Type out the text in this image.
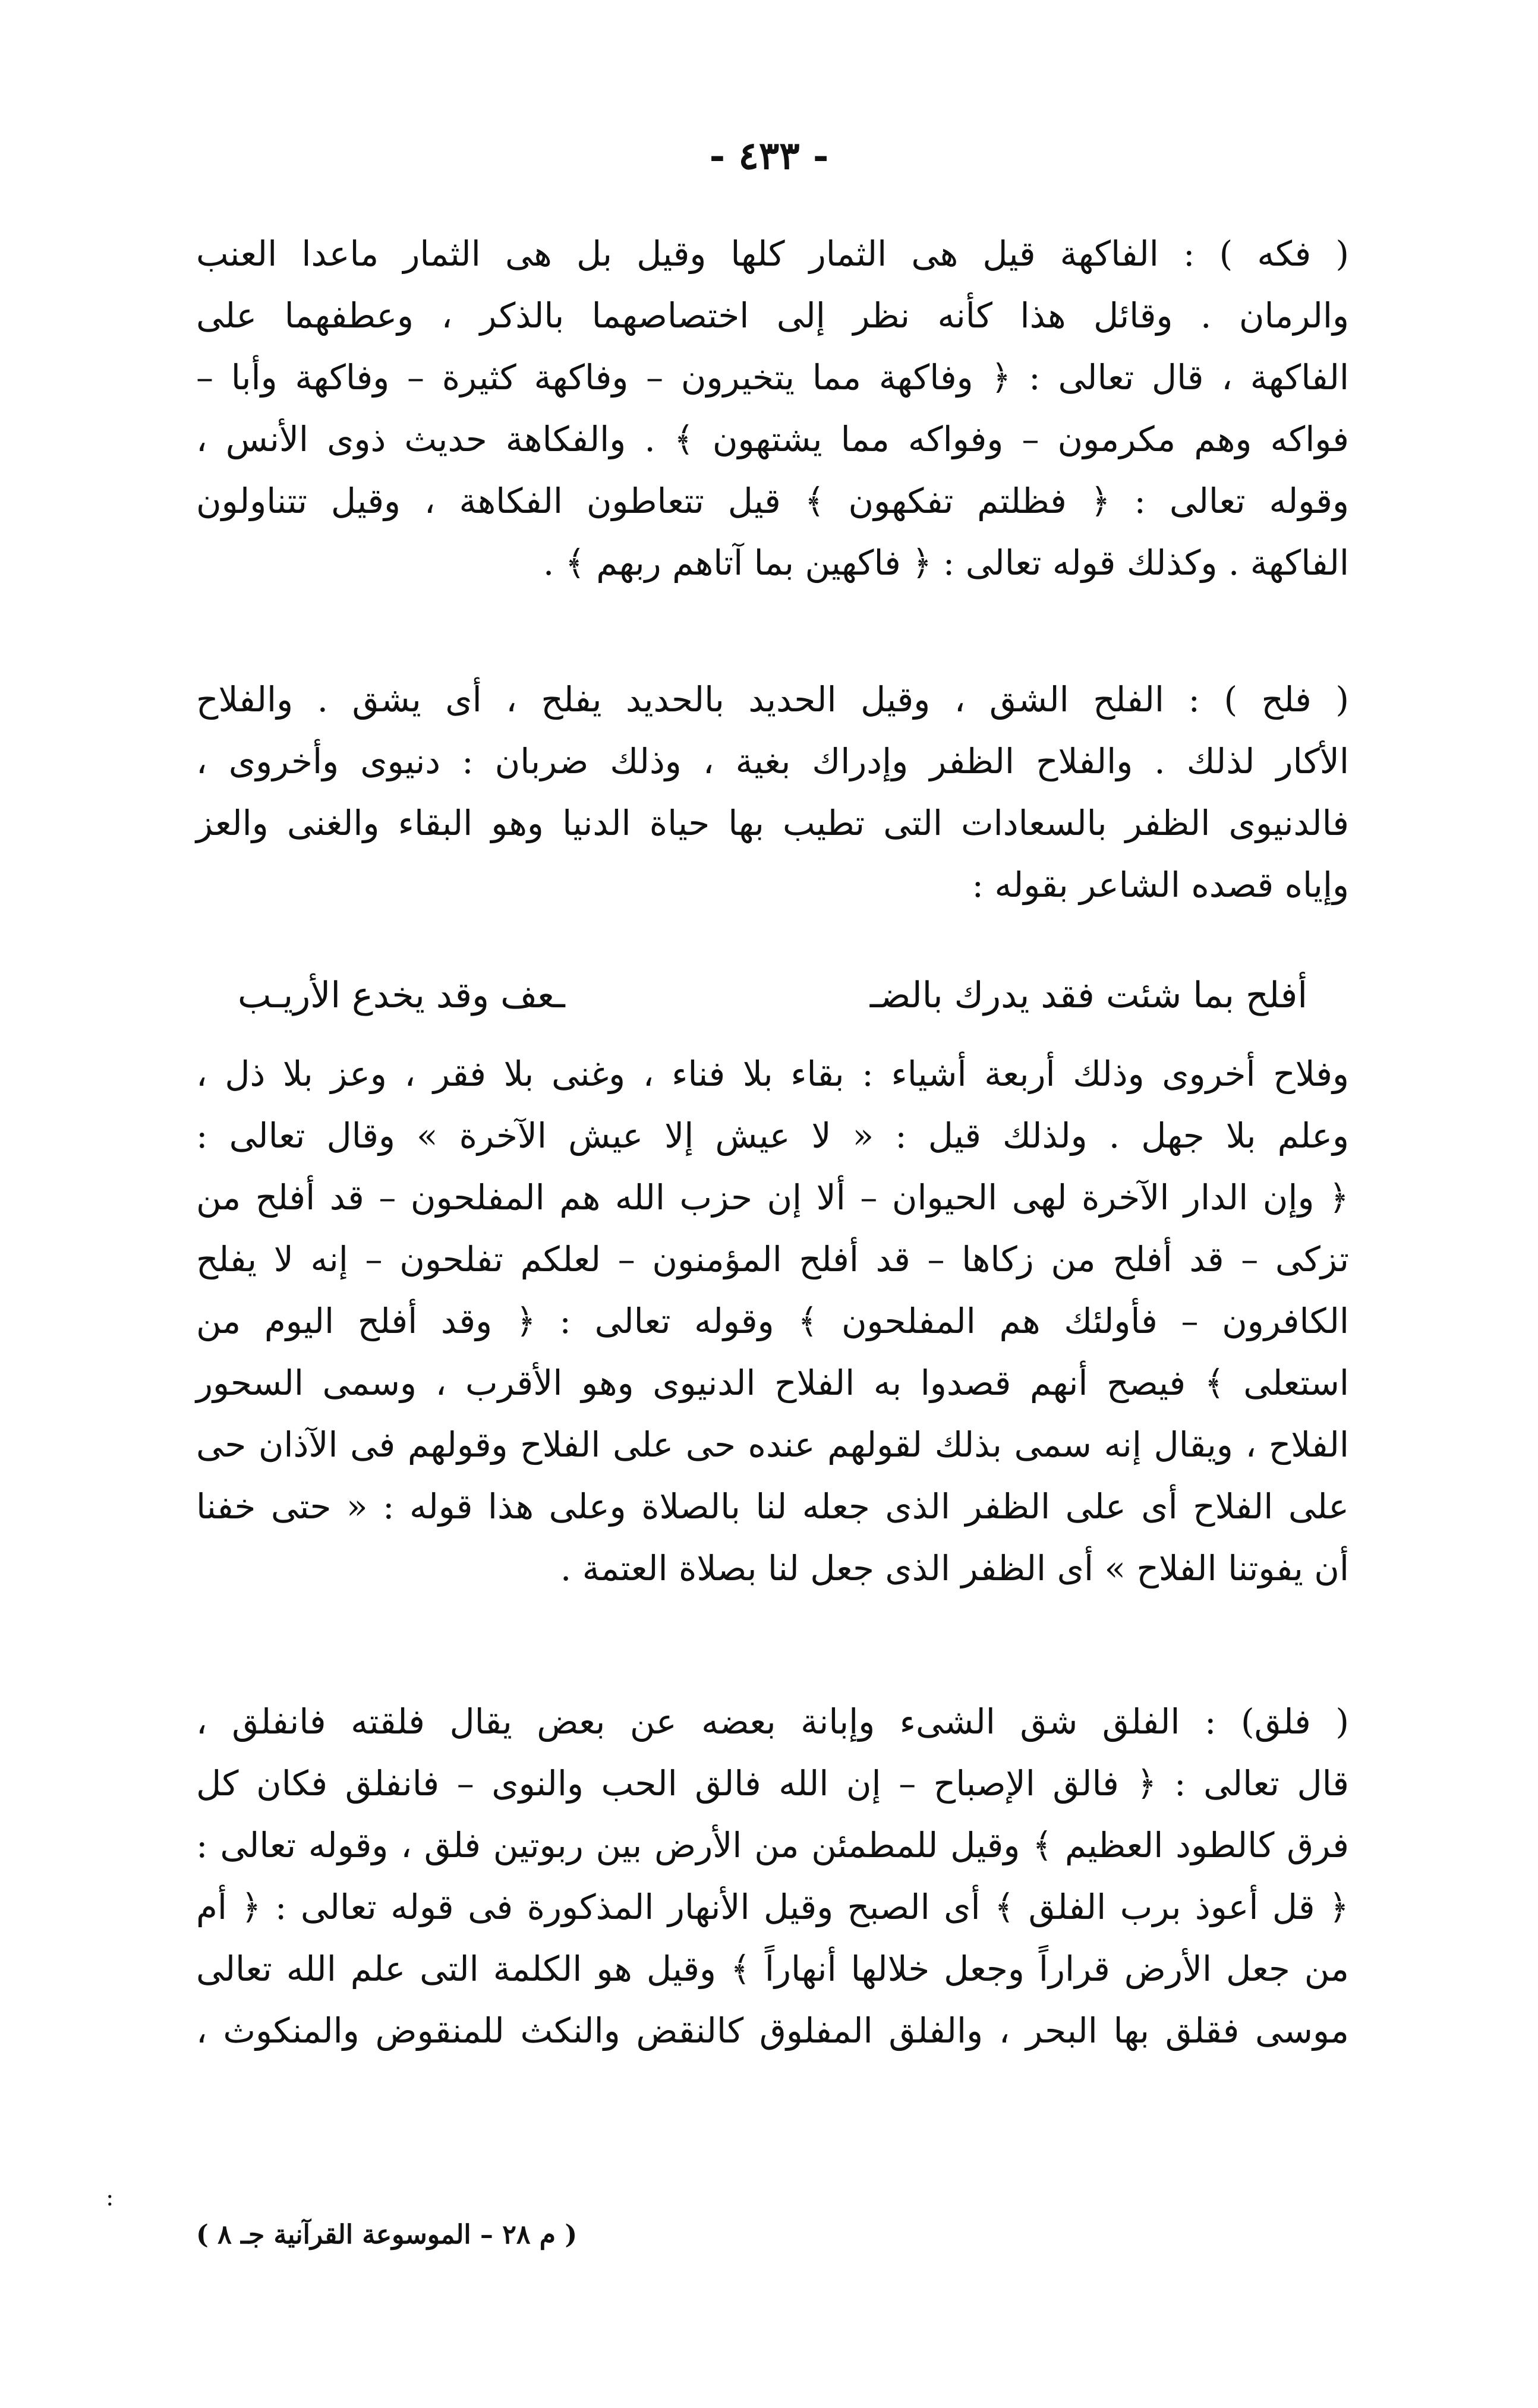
- ٤٣٣ -

( فكه ) : الفاكهة قيل هى الثمار كلها وقيل بل هى الثمار ماعدا العنب
والرمان . وقائل هذا كأنه نظر إلى اختصاصهما بالذكر ، وعطفهما على
الفاكهة ، قال تعالى : ﴿ وفاكهة مما يتخيرون – وفاكهة كثيرة – وفاكهة وأبا –
فواكه وهم مكرمون – وفواكه مما يشتهون ﴾ . والفكاهة حديث ذوى الأنس ،
وقوله تعالى : ﴿ فظلتم تفكهون ﴾ قيل تتعاطون الفكاهة ، وقيل تتناولون
الفاكهة . وكذلك قوله تعالى : ﴿ فاكهين بما آتاهم ربهم ﴾ .

( فلح ) : الفلح الشق ، وقيل الحديد بالحديد يفلح ، أى يشق . والفلاح
الأكار لذلك . والفلاح الظفر وإدراك بغية ، وذلك ضربان : دنيوى وأخروى ،
فالدنيوى الظفر بالسعادات التى تطيب بها حياة الدنيا وهو البقاء والغنى والعز
وإياه قصده الشاعر بقوله :

أفلح بما شئت فقد يدرك بالضـ
ـعف وقد يخدع الأريـب

وفلاح أخروى وذلك أربعة أشياء : بقاء بلا فناء ، وغنى بلا فقر ، وعز بلا ذل ،
وعلم بلا جهل . ولذلك قيل : « لا عيش إلا عيش الآخرة » وقال تعالى :
﴿ وإن الدار الآخرة لهى الحيوان – ألا إن حزب الله هم المفلحون – قد أفلح من
تزكى – قد أفلح من زكاها – قد أفلح المؤمنون – لعلكم تفلحون – إنه لا يفلح
الكافرون – فأولئك هم المفلحون ﴾ وقوله تعالى : ﴿ وقد أفلح اليوم من
استعلى ﴾ فيصح أنهم قصدوا به الفلاح الدنيوى وهو الأقرب ، وسمى السحور
الفلاح ، ويقال إنه سمى بذلك لقولهم عنده حى على الفلاح وقولهم فى الآذان حى
على الفلاح أى على الظفر الذى جعله لنا بالصلاة وعلى هذا قوله : « حتى خفنا
أن يفوتنا الفلاح » أى الظفر الذى جعل لنا بصلاة العتمة .

( فلق) : الفلق شق الشىء وإبانة بعضه عن بعض يقال فلقته فانفلق ،
قال تعالى : ﴿ فالق الإصباح – إن الله فالق الحب والنوى – فانفلق فكان كل
فرق كالطود العظيم ﴾ وقيل للمطمئن من الأرض بين ربوتين فلق ، وقوله تعالى :
﴿ قل أعوذ برب الفلق ﴾ أى الصبح وقيل الأنهار المذكورة فى قوله تعالى : ﴿ أم
من جعل الأرض قراراً وجعل خلالها أنهاراً ﴾ وقيل هو الكلمة التى علم الله تعالى
موسى فقلق بها البحر ، والفلق المفلوق كالنقض والنكث للمنقوض والمنكوث ،

:
( م ٢٨ – الموسوعة القرآنية جـ ٨ )
